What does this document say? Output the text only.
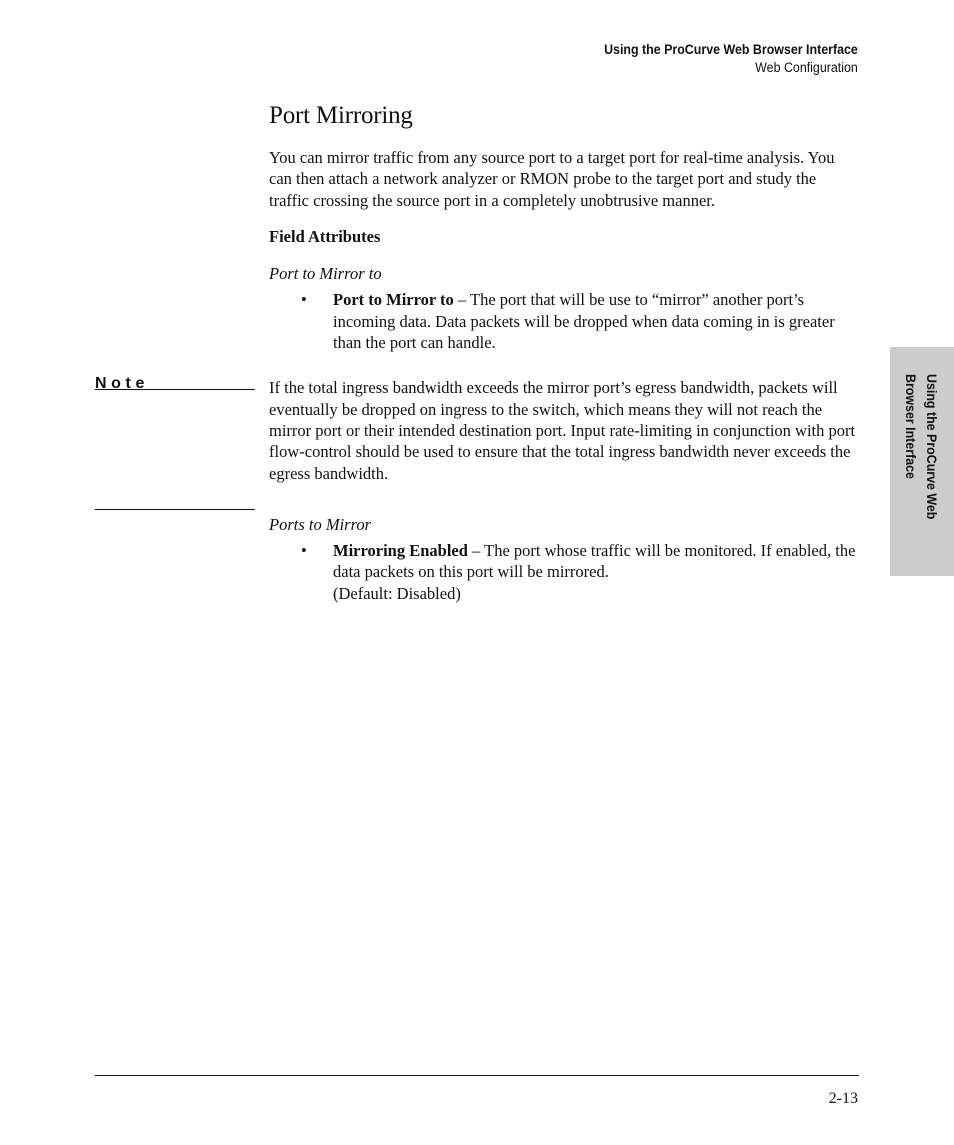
Using the ProCurve Web Browser Interface
Web Configuration
Port Mirroring

You can mirror traffic from any source port to a target port for real-time analysis. You can then attach a network analyzer or RMON probe to the target port and study the traffic crossing the source port in a completely unobtrusive manner.

Field Attributes

Port to Mirror to

• Port to Mirror to – The port that will be use to “mirror” another port’s incoming data. Data packets will be dropped when data coming in is greater than the port can handle.

Note	If the total ingress bandwidth exceeds the mirror port’s egress bandwidth, packets will eventually be dropped on ingress to the switch, which means they will not reach the mirror port or their intended destination port. Input rate-limiting in conjunction with port flow-control should be used to ensure that the total ingress bandwidth never exceeds the egress bandwidth.

Ports to Mirror

• Mirroring Enabled – The port whose traffic will be monitored. If enabled, the data packets on this port will be mirrored.
(Default: Disabled)

Using the ProCurve Web
Browser Interface
2-13
